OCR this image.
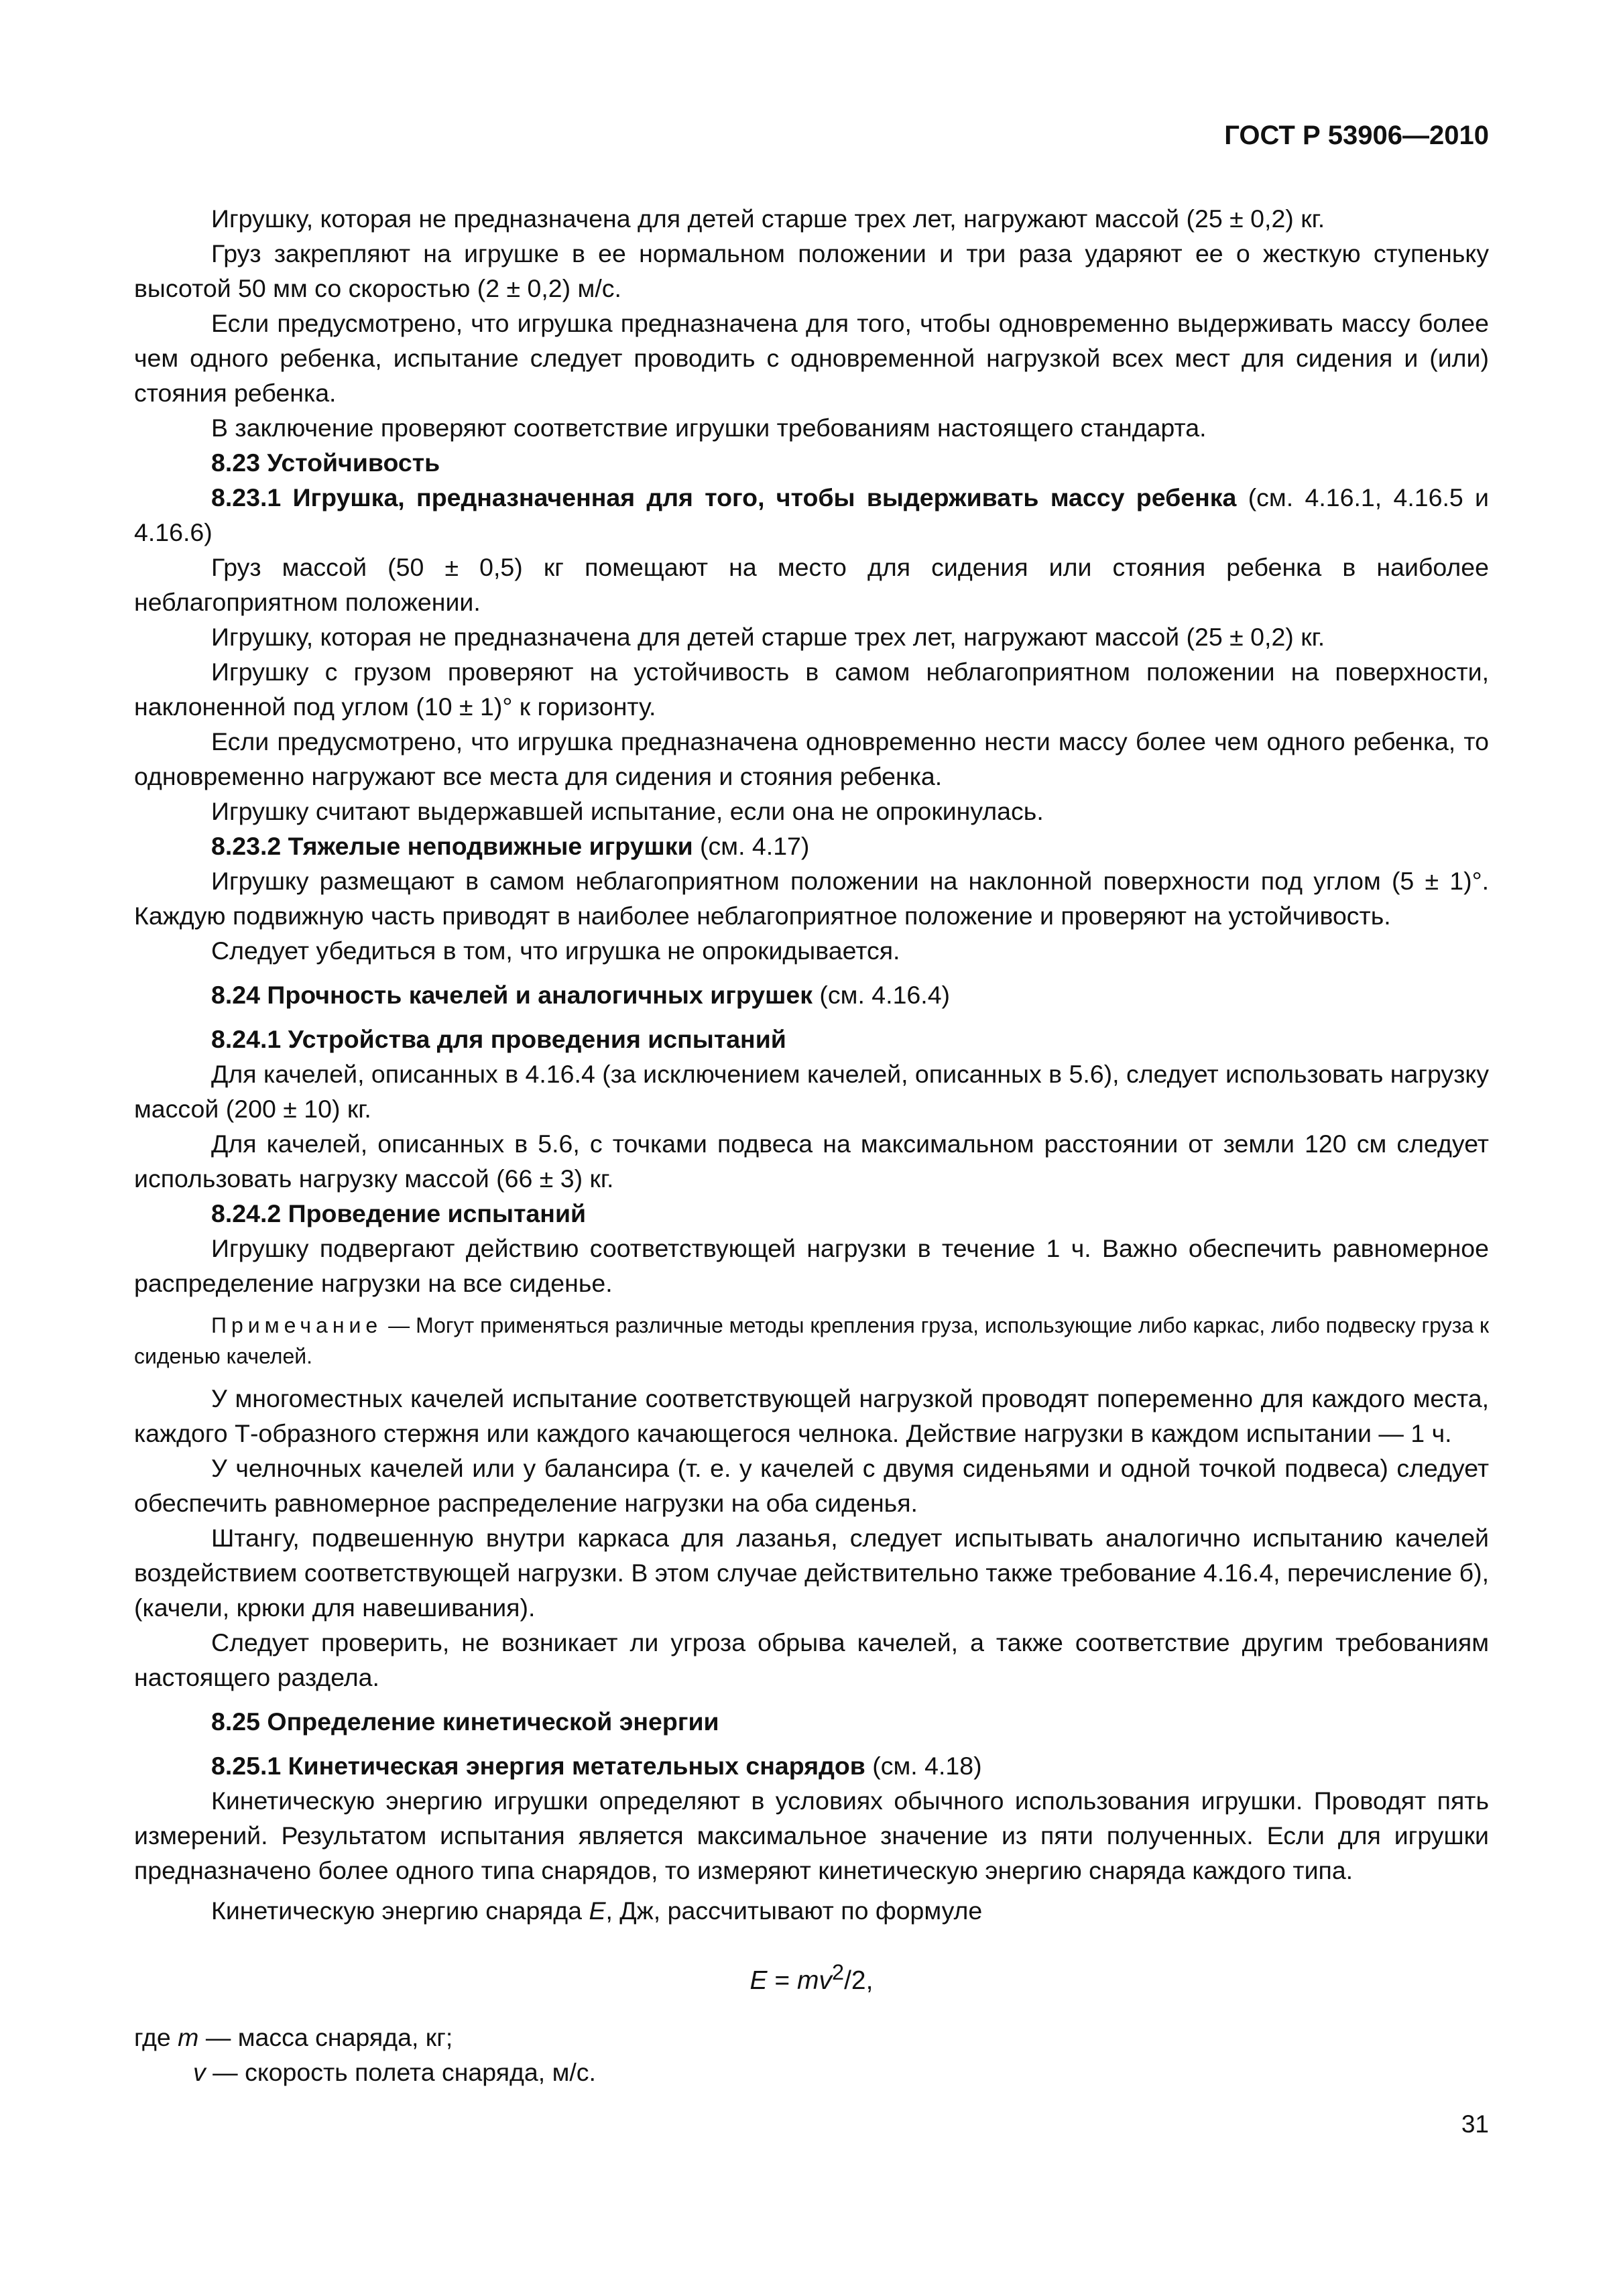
ГОСТ Р 53906—2010

Игрушку, которая не предназначена для детей старше трех лет, нагружают массой (25 ± 0,2) кг.

Груз закрепляют на игрушке в ее нормальном положении и три раза ударяют ее о жесткую ступеньку высотой 50 мм со скоростью (2 ± 0,2) м/с.

Если предусмотрено, что игрушка предназначена для того, чтобы одновременно выдерживать массу более чем одного ребенка, испытание следует проводить с одновременной нагрузкой всех мест для сидения и (или) стояния ребенка.

В заключение проверяют соответствие игрушки требованиям настоящего стандарта.

8.23 Устойчивость

8.23.1 Игрушка, предназначенная для того, чтобы выдерживать массу ребенка (см. 4.16.1, 4.16.5 и 4.16.6)

Груз массой (50 ± 0,5) кг помещают на место для сидения или стояния ребенка в наиболее неблагоприятном положении.

Игрушку, которая не предназначена для детей старше трех лет, нагружают массой (25 ± 0,2) кг.

Игрушку с грузом проверяют на устойчивость в самом неблагоприятном положении на поверхности, наклоненной под углом (10 ± 1)° к горизонту.

Если предусмотрено, что игрушка предназначена одновременно нести массу более чем одного ребенка, то одновременно нагружают все места для сидения и стояния ребенка.

Игрушку считают выдержавшей испытание, если она не опрокинулась.

8.23.2 Тяжелые неподвижные игрушки (см. 4.17)

Игрушку размещают в самом неблагоприятном положении на наклонной поверхности под углом (5 ± 1)°. Каждую подвижную часть приводят в наиболее неблагоприятное положение и проверяют на устойчивость.

Следует убедиться в том, что игрушка не опрокидывается.

8.24 Прочность качелей и аналогичных игрушек (см. 4.16.4)

8.24.1 Устройства для проведения испытаний

Для качелей, описанных в 4.16.4 (за исключением качелей, описанных в 5.6), следует использовать нагрузку массой (200 ± 10) кг.

Для качелей, описанных в 5.6, с точками подвеса на максимальном расстоянии от земли 120 см следует использовать нагрузку массой (66 ± 3) кг.

8.24.2 Проведение испытаний

Игрушку подвергают действию соответствующей нагрузки в течение 1 ч. Важно обеспечить равномерное распределение нагрузки на все сиденье.

Примечание — Могут применяться различные методы крепления груза, использующие либо каркас, либо подвеску груза к сиденью качелей.

У многоместных качелей испытание соответствующей нагрузкой проводят попеременно для каждого места, каждого Т-образного стержня или каждого качающегося челнока. Действие нагрузки в каждом испытании — 1 ч.

У челночных качелей или у балансира (т. е. у качелей с двумя сиденьями и одной точкой подвеса) следует обеспечить равномерное распределение нагрузки на оба сиденья.

Штангу, подвешенную внутри каркаса для лазанья, следует испытывать аналогично испытанию качелей воздействием соответствующей нагрузки. В этом случае действительно также требование 4.16.4, перечисление б), (качели, крюки для навешивания).

Следует проверить, не возникает ли угроза обрыва качелей, а также соответствие другим требованиям настоящего раздела.

8.25 Определение кинетической энергии

8.25.1 Кинетическая энергия метательных снарядов (см. 4.18)

Кинетическую энергию игрушки определяют в условиях обычного использования игрушки. Проводят пять измерений. Результатом испытания является максимальное значение из пяти полученных. Если для игрушки предназначено более одного типа снарядов, то измеряют кинетическую энергию снаряда каждого типа.

Кинетическую энергию снаряда E, Дж, рассчитывают по формуле

$E = mv^2/2$,

где m — масса снаряда, кг;

v — скорость полета снаряда, м/с.

31
